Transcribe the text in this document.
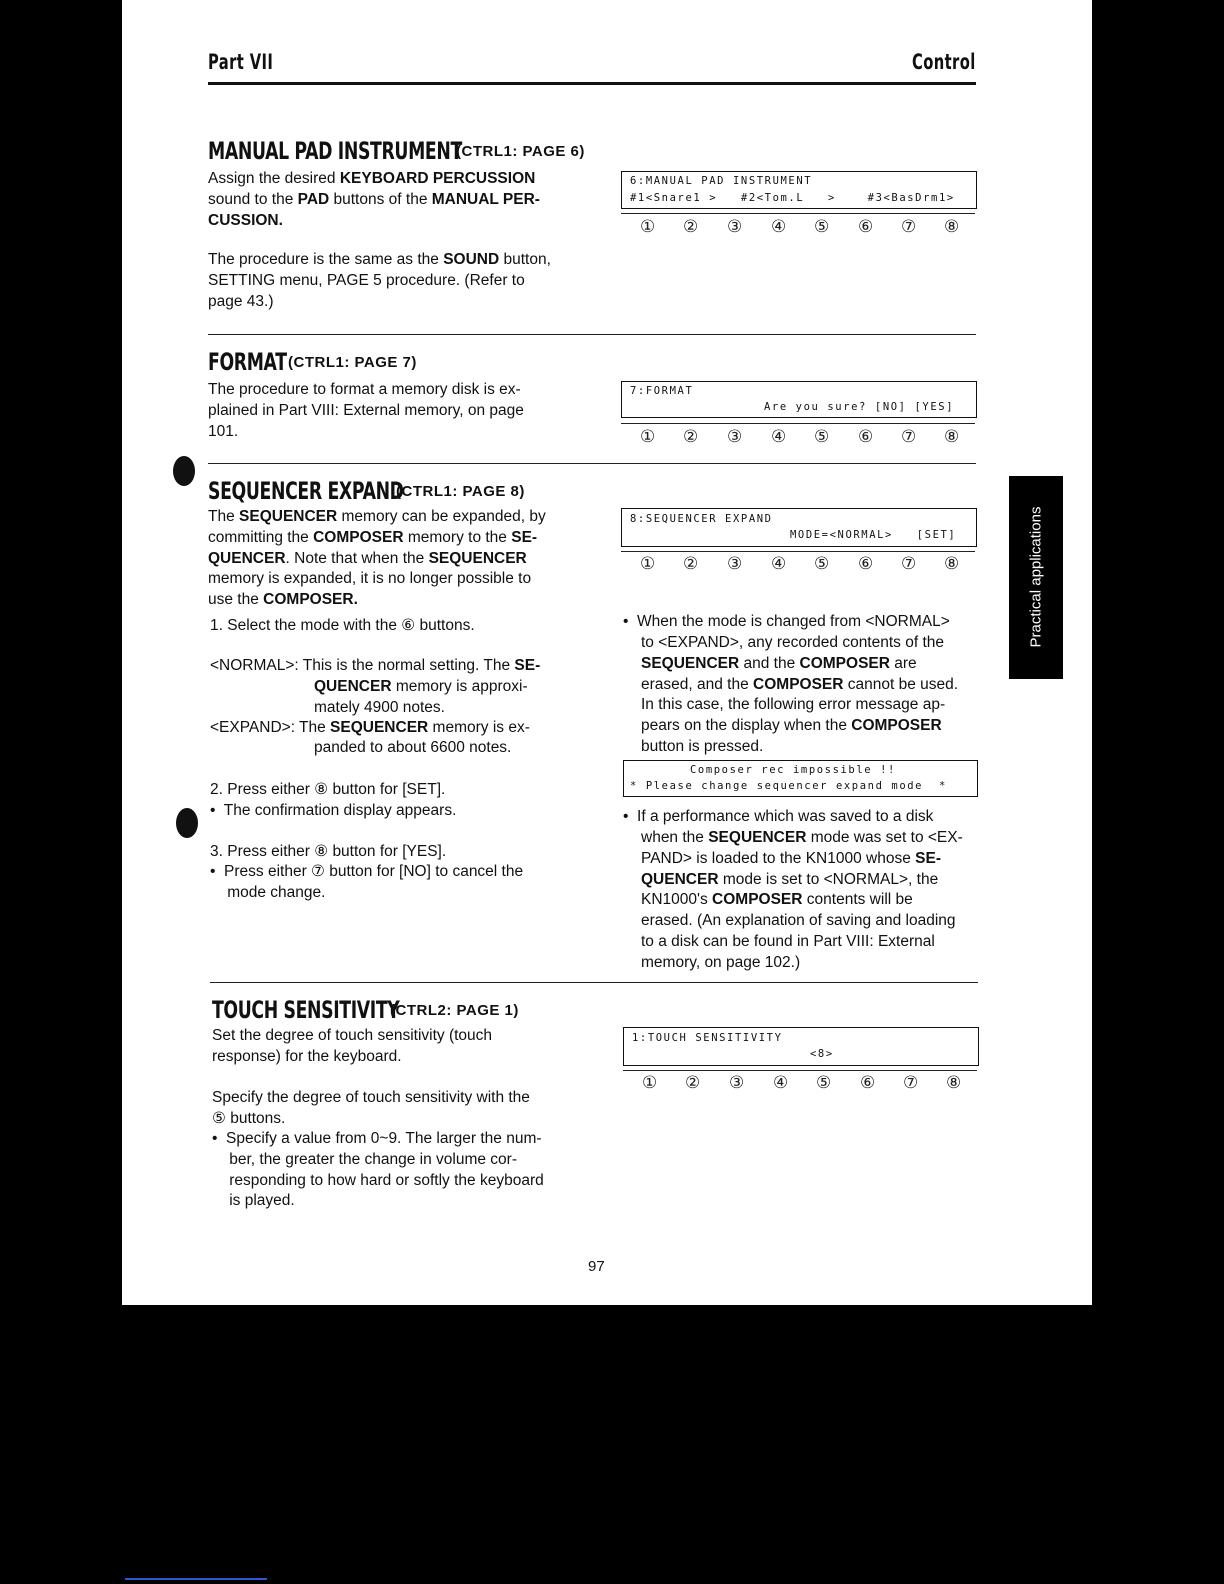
Part VII	Control
MANUAL PAD INSTRUMENT
(CTRL1: PAGE 6)
Assign the desired KEYBOARD PERCUSSION
sound to the PAD buttons of the MANUAL PER-
CUSSION.
The procedure is the same as the SOUND button,
SETTING menu, PAGE 5 procedure. (Refer to
page 43.)
6:MANUAL PAD INSTRUMENT
#1<Snare1 >   #2<Tom.L   >    #3<BasDrm1>
① ② ③ ④ ⑤ ⑥ ⑦ ⑧
FORMAT (CTRL1: PAGE 7)
The procedure to format a memory disk is ex-
plained in Part VIII: External memory, on page
101.
7:FORMAT
Are you sure? [NO] [YES]
① ② ③ ④ ⑤ ⑥ ⑦ ⑧
SEQUENCER EXPAND
(CTRL1: PAGE 8)
The SEQUENCER memory can be expanded, by
committing the COMPOSER memory to the SE-
QUENCER. Note that when the SEQUENCER
memory is expanded, it is no longer possible to
use the COMPOSER.
1. Select the mode with the ⑥ buttons.
<NORMAL>: This is the normal setting. The SE-
QUENCER memory is approxi-
mately 4900 notes.
<EXPAND>: The SEQUENCER memory is ex-
panded to about 6600 notes.
2. Press either ⑧ button for [SET].
•  The confirmation display appears.
3. Press either ⑧ button for [YES].
•  Press either ⑦ button for [NO] to cancel the
mode change.
8:SEQUENCER EXPAND
MODE=<NORMAL>   [SET]
① ② ③ ④ ⑤ ⑥ ⑦ ⑧
•  When the mode is changed from <NORMAL>
to <EXPAND>, any recorded contents of the
SEQUENCER and the COMPOSER are
erased, and the COMPOSER cannot be used.
In this case, the following error message ap-
pears on the display when the COMPOSER
button is pressed.
Composer rec impossible !!
* Please change sequencer expand mode  *
•  If a performance which was saved to a disk
when the SEQUENCER mode was set to <EX-
PAND> is loaded to the KN1000 whose SE-
QUENCER mode is set to <NORMAL>, the
KN1000's COMPOSER contents will be
erased. (An explanation of saving and loading
to a disk can be found in Part VIII: External
memory, on page 102.)
TOUCH SENSITIVITY
(CTRL2: PAGE 1)
Set the degree of touch sensitivity (touch
response) for the keyboard.
Specify the degree of touch sensitivity with the
⑤ buttons.
•  Specify a value from 0~9. The larger the num-
ber, the greater the change in volume cor-
responding to how hard or softly the keyboard
is played.
1:TOUCH SENSITIVITY
<8>
① ② ③ ④ ⑤ ⑥ ⑦ ⑧
Practical applications
97
